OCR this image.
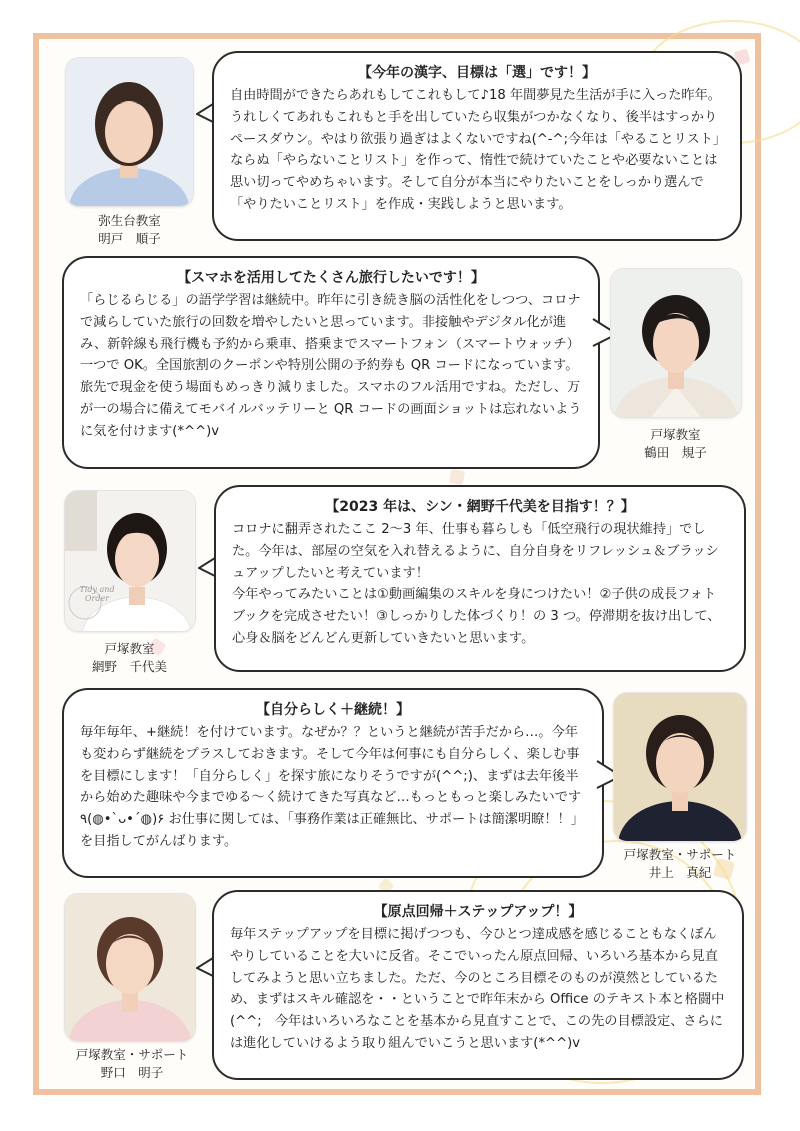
弥生台教室
明戸　順子
【今年の漢字、目標は「選」です！】

自由時間ができたらあれもしてこれもして♪18 年間夢見た生活が手に入った昨年。うれしくてあれもこれもと手を出していたら収集がつかなくなり、後半はすっかりペースダウン。やはり欲張り過ぎはよくないですね(^-^;今年は「やることリスト」ならぬ「やらないことリスト」を作って、惰性で続けていたことや必要ないことは思い切ってやめちゃいます。そして自分が本当にやりたいことをしっかり選んで「やりたいことリスト」を作成・実践しようと思います。

【スマホを活用してたくさん旅行したいです！】

「らじるらじる」の語学学習は継続中。昨年に引き続き脳の活性化をしつつ、コロナで減らしていた旅行の回数を増やしたいと思っています。非接触やデジタル化が進み、新幹線も飛行機も予約から乗車、搭乗までスマートフォン（スマートウォッチ）一つで OK。全国旅割のクーポンや特別公開の予約券も QR コードになっています。旅先で現金を使う場面もめっきり減りました。スマホのフル活用ですね。ただし、万が一の場合に備えてモバイルバッテリーと QR コードの画面ショットは忘れないように気を付けます(*^^)v	戸塚教室
鶴田　規子
Tidy and Order
戸塚教室
網野　千代美
【2023 年は、シン・網野千代美を目指す！？】

コロナに翻弄されたここ 2～3 年、仕事も暮らしも「低空飛行の現状維持」でした。今年は、部屋の空気を入れ替えるように、自分自身をリフレッシュ＆ブラッシュアップしたいと考えています！

今年やってみたいことは①動画編集のスキルを身につけたい！②子供の成長フォトブックを完成させたい！③しっかりした体づくり！の 3 つ。停滞期を抜け出して、心身＆脳をどんどん更新していきたいと思います。

【自分らしく＋継続！】

毎年毎年、+継続！を付けています。なぜか？？というと継続が苦手だから…。今年も変わらず継続をプラスしておきます。そして今年は何事にも自分らしく、楽しむ事を目標にします！「自分らしく」を探す旅になりそうですが(^^;)、まずは去年後半から始めた趣味や今までゆる～く続けてきた写真など…もっともっと楽しみたいです ٩(◍•ˋᴗ•ˊ◍)۶ お仕事に関しては、「事務作業は正確無比、サポートは簡潔明瞭！！」を目指してがんばります。

戸塚教室・サポート
井上　真紀
戸塚教室・サポート
野口　明子
【原点回帰＋ステップアップ！】

毎年ステップアップを目標に掲げつつも、今ひとつ達成感を感じることもなくぼんやりしていることを大いに反省。そこでいったん原点回帰、いろいろ基本から見直してみようと思い立ちました。ただ、今のところ目標そのものが漠然としているため、まずはスキル確認を・・ということで昨年末から Office のテキスト本と格闘中(^^;　今年はいろいろなことを基本から見直すことで、この先の目標設定、さらには進化していけるよう取り組んでいこうと思います(*^^)v
